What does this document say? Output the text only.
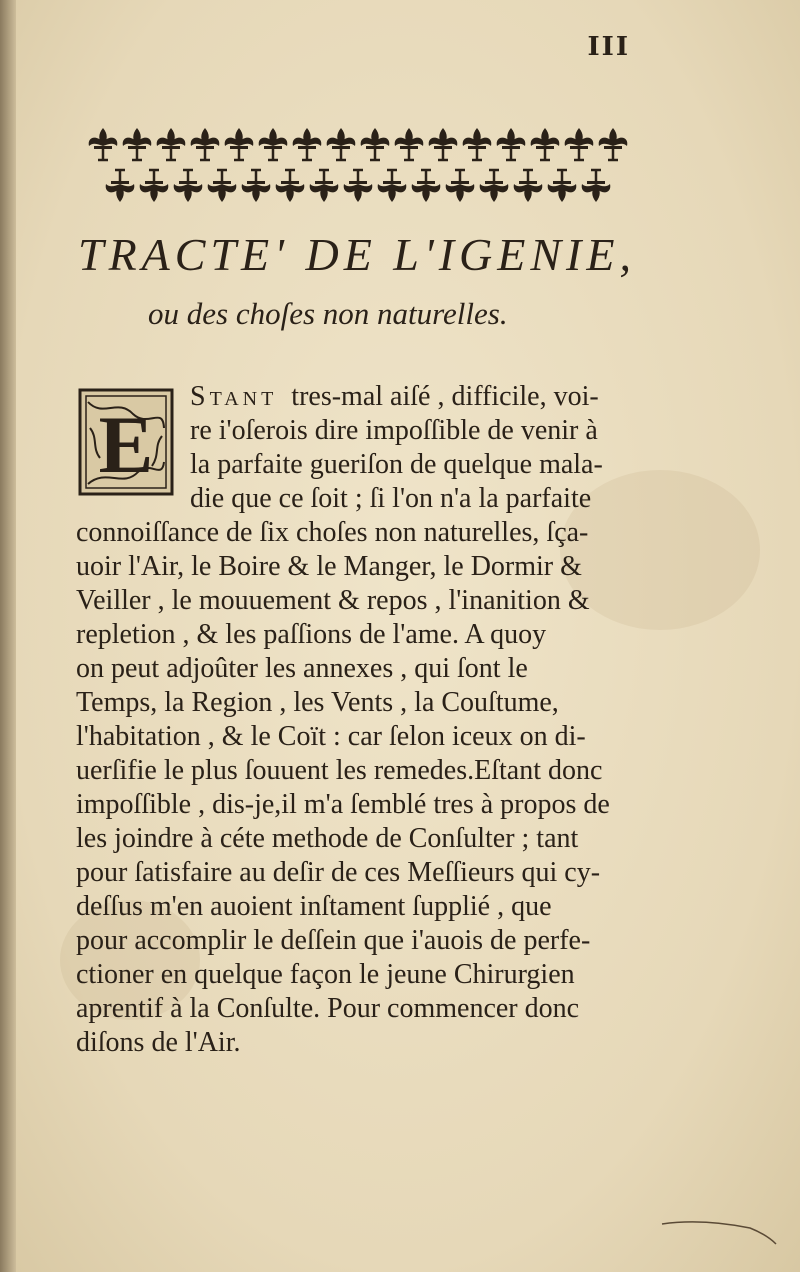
III
TRACTE' DE L'IGENIE,
ou des choſes non naturelles.
E
Stant tres-mal aiſé , difficile, voi-
re i'oſerois dire impoſſible de venir à
la parfaite gueriſon de quelque mala-
die que ce ſoit ; ſi l'on n'a la parfaite
connoiſſance de ſix choſes non naturelles, ſça-
uoir l'Air, le Boire & le Manger, le Dormir &
Veiller , le mouuement & repos , l'inanition &
repletion , & les paſſions de l'ame. A quoy
on peut adjoûter les annexes , qui ſont le
Temps, la Region , les Vents , la Couſtume,
l'habitation , & le Coït : car ſelon iceux on di-
uerſifie le plus ſouuent les remedes.Eſtant donc
impoſſible , dis-je,il m'a ſemblé tres à propos de
les joindre à céte methode de Conſulter ; tant
pour ſatisfaire au deſir de ces Meſſieurs qui cy-
deſſus m'en auoient inſtament ſupplié , que
pour accomplir le deſſein que i'auois de perfe-
ctioner en quelque façon le jeune Chirurgien
aprentif à la Conſulte. Pour commencer donc
diſons de l'Air.
